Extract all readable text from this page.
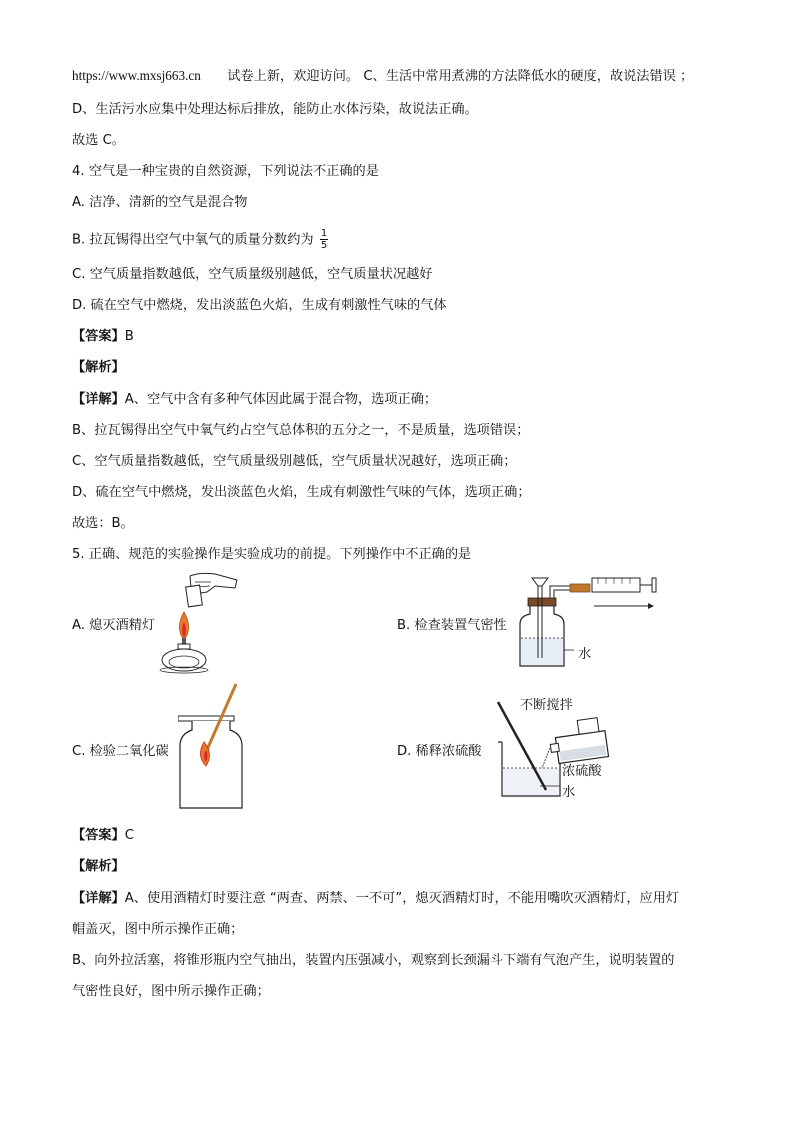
https://www.mxsj663.cn 试卷上新，欢迎访问。 C、生活中常用煮沸的方法降低水的硬度，故说法错误 ；
D、生活污水应集中处理达标后排放，能防止水体污染，故说法正确。
故选 C。
4. 空气是一种宝贵的自然资源，下列说法不正确的是
A. 洁净、清新的空气是混合物
B. 拉瓦锡得出空气中氧气的质量分数约为 $\frac{1}{5}$
C. 空气质量指数越低，空气质量级别越低，空气质量状况越好
D. 硫在空气中燃烧，发出淡蓝色火焰，生成有刺激性气味的气体
【答案】B
【解析】
【详解】A、空气中含有多种气体因此属于混合物，选项正确；
B、拉瓦锡得出空气中氧气约占空气总体积的五分之一，不是质量，选项错误；
C、空气质量指数越低，空气质量级别越低，空气质量状况越好，选项正确；
D、硫在空气中燃烧，发出淡蓝色火焰，生成有刺激性气味的气体，选项正确；
故选：B。
5. 正确、规范的实验操作是实验成功的前提。下列操作中不正确的是
A. 熄灭酒精灯	B. 检查装置气密性
水
C. 检验二氧化碳	D. 稀释浓硫酸
不断搅拌
浓硫酸
水
【答案】C
【解析】
【详解】A、使用酒精灯时要注意 “两查、两禁、一不可”，熄灭酒精灯时，不能用嘴吹灭酒精灯，应用灯
帽盖灭，图中所示操作正确；
B、向外拉活塞，将锥形瓶内空气抽出，装置内压强减小，观察到长颈漏斗下端有气泡产生，说明装置的
气密性良好，图中所示操作正确；
